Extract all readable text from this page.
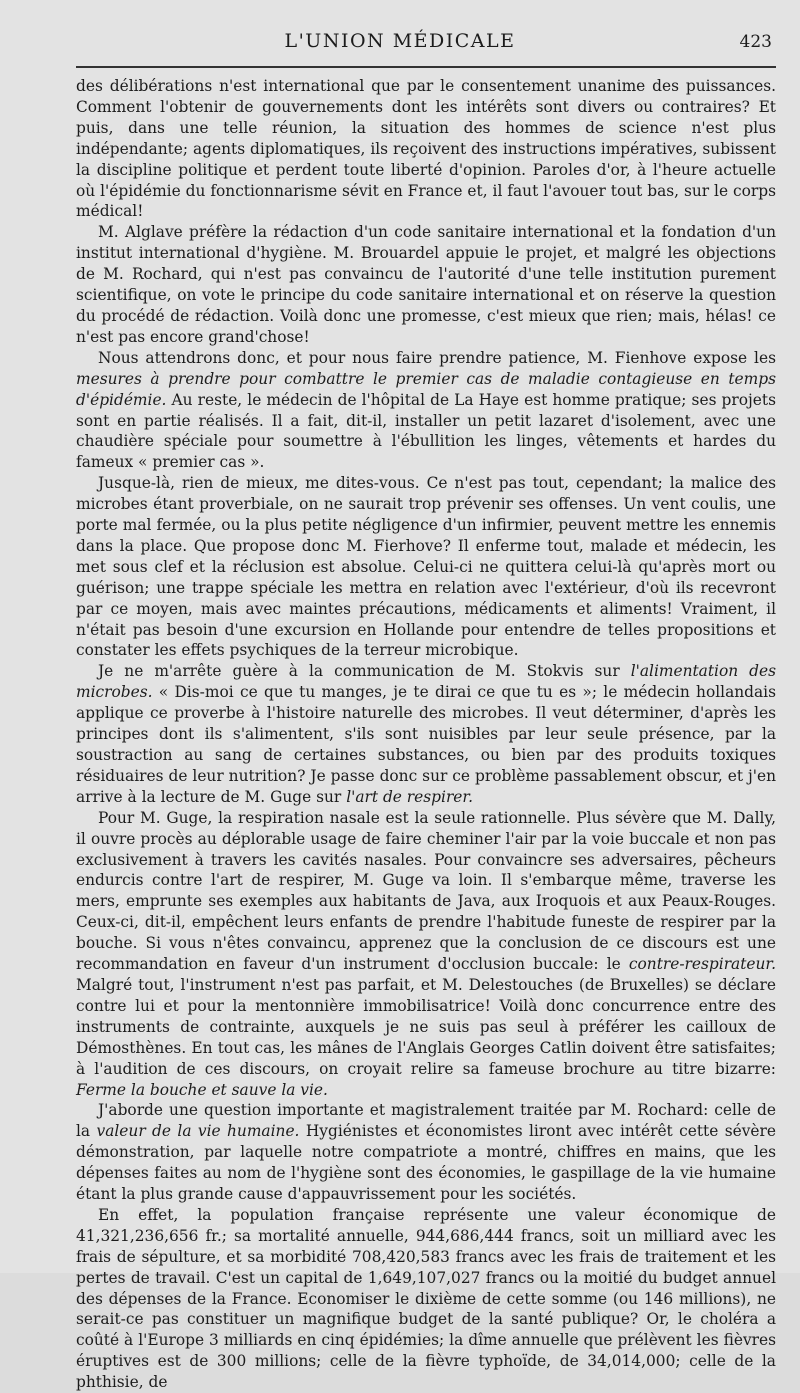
L'UNION MÉDICALE	423

des délibérations n'est international que par le consentement unanime des puissances. Comment l'obtenir de gouvernements dont les intérêts sont divers ou contraires? Et puis, dans une telle réunion, la situation des hommes de science n'est plus indépendante; agents diplomatiques, ils reçoivent des instructions impératives, subissent la discipline politique et perdent toute liberté d'opinion. Paroles d'or, à l'heure actuelle où l'épidémie du fonctionnarisme sévit en France et, il faut l'avouer tout bas, sur le corps médical!

M. Alglave préfère la rédaction d'un code sanitaire international et la fondation d'un institut international d'hygiène. M. Brouardel appuie le projet, et malgré les objections de M. Rochard, qui n'est pas convaincu de l'autorité d'une telle institution purement scientifique, on vote le principe du code sanitaire international et on réserve la question du procédé de rédaction. Voilà donc une promesse, c'est mieux que rien; mais, hélas! ce n'est pas encore grand'chose!

Nous attendrons donc, et pour nous faire prendre patience, M. Fienhove expose les mesures à prendre pour combattre le premier cas de maladie contagieuse en temps d'épidémie. Au reste, le médecin de l'hôpital de La Haye est homme pratique; ses projets sont en partie réalisés. Il a fait, dit-il, installer un petit lazaret d'isolement, avec une chaudière spéciale pour soumettre à l'ébullition les linges, vêtements et hardes du fameux « premier cas ».

Jusque-là, rien de mieux, me dites-vous. Ce n'est pas tout, cependant; la malice des microbes étant proverbiale, on ne saurait trop prévenir ses offenses. Un vent coulis, une porte mal fermée, ou la plus petite négligence d'un infirmier, peuvent mettre les ennemis dans la place. Que propose donc M. Fierhove? Il enferme tout, malade et médecin, les met sous clef et la réclusion est absolue. Celui-ci ne quittera celui-là qu'après mort ou guérison; une trappe spéciale les mettra en relation avec l'extérieur, d'où ils recevront par ce moyen, mais avec maintes précautions, médicaments et aliments! Vraiment, il n'était pas besoin d'une excursion en Hollande pour entendre de telles propositions et constater les effets psychiques de la terreur microbique.

Je ne m'arrête guère à la communication de M. Stokvis sur l'alimentation des microbes. « Dis-moi ce que tu manges, je te dirai ce que tu es »; le médecin hollandais applique ce proverbe à l'histoire naturelle des microbes. Il veut déterminer, d'après les principes dont ils s'alimentent, s'ils sont nuisibles par leur seule présence, par la soustraction au sang de certaines substances, ou bien par des produits toxiques résiduaires de leur nutrition? Je passe donc sur ce problème passablement obscur, et j'en arrive à la lecture de M. Guge sur l'art de respirer.

Pour M. Guge, la respiration nasale est la seule rationnelle. Plus sévère que M. Dally, il ouvre procès au déplorable usage de faire cheminer l'air par la voie buccale et non pas exclusivement à travers les cavités nasales. Pour convaincre ses adversaires, pêcheurs endurcis contre l'art de respirer, M. Guge va loin. Il s'embarque même, traverse les mers, emprunte ses exemples aux habitants de Java, aux Iroquois et aux Peaux-Rouges. Ceux-ci, dit-il, empêchent leurs enfants de prendre l'habitude funeste de respirer par la bouche. Si vous n'êtes convaincu, apprenez que la conclusion de ce discours est une recommandation en faveur d'un instrument d'occlusion buccale: le contre-respirateur. Malgré tout, l'instrument n'est pas parfait, et M. Delestouches (de Bruxelles) se déclare contre lui et pour la mentonnière immobilisatrice! Voilà donc concurrence entre des instruments de contrainte, auxquels je ne suis pas seul à préférer les cailloux de Démosthènes. En tout cas, les mânes de l'Anglais Georges Catlin doivent être satisfaites; à l'audition de ces discours, on croyait relire sa fameuse brochure au titre bizarre: Ferme la bouche et sauve la vie.

J'aborde une question importante et magistralement traitée par M. Rochard: celle de la valeur de la vie humaine. Hygiénistes et économistes liront avec intérêt cette sévère démonstration, par laquelle notre compatriote a montré, chiffres en mains, que les dépenses faites au nom de l'hygiène sont des économies, le gaspillage de la vie humaine étant la plus grande cause d'appauvrissement pour les sociétés.

En effet, la population française représente une valeur économique de 41,321,236,656 fr.; sa mortalité annuelle, 944,686,444 francs, soit un milliard avec les frais de sépulture, et sa morbidité 708,420,583 francs avec les frais de traitement et les pertes de travail. C'est un capital de 1,649,107,027 francs ou la moitié du budget annuel des dépenses de la France. Economiser le dixième de cette somme (ou 146 millions), ne serait-ce pas constituer un magnifique budget de la santé publique? Or, le choléra a coûté à l'Europe 3 milliards en cinq épidémies; la dîme annuelle que prélèvent les fièvres éruptives est de 300 millions; celle de la fièvre typhoïde, de 34,014,000; celle de la phthisie, de
